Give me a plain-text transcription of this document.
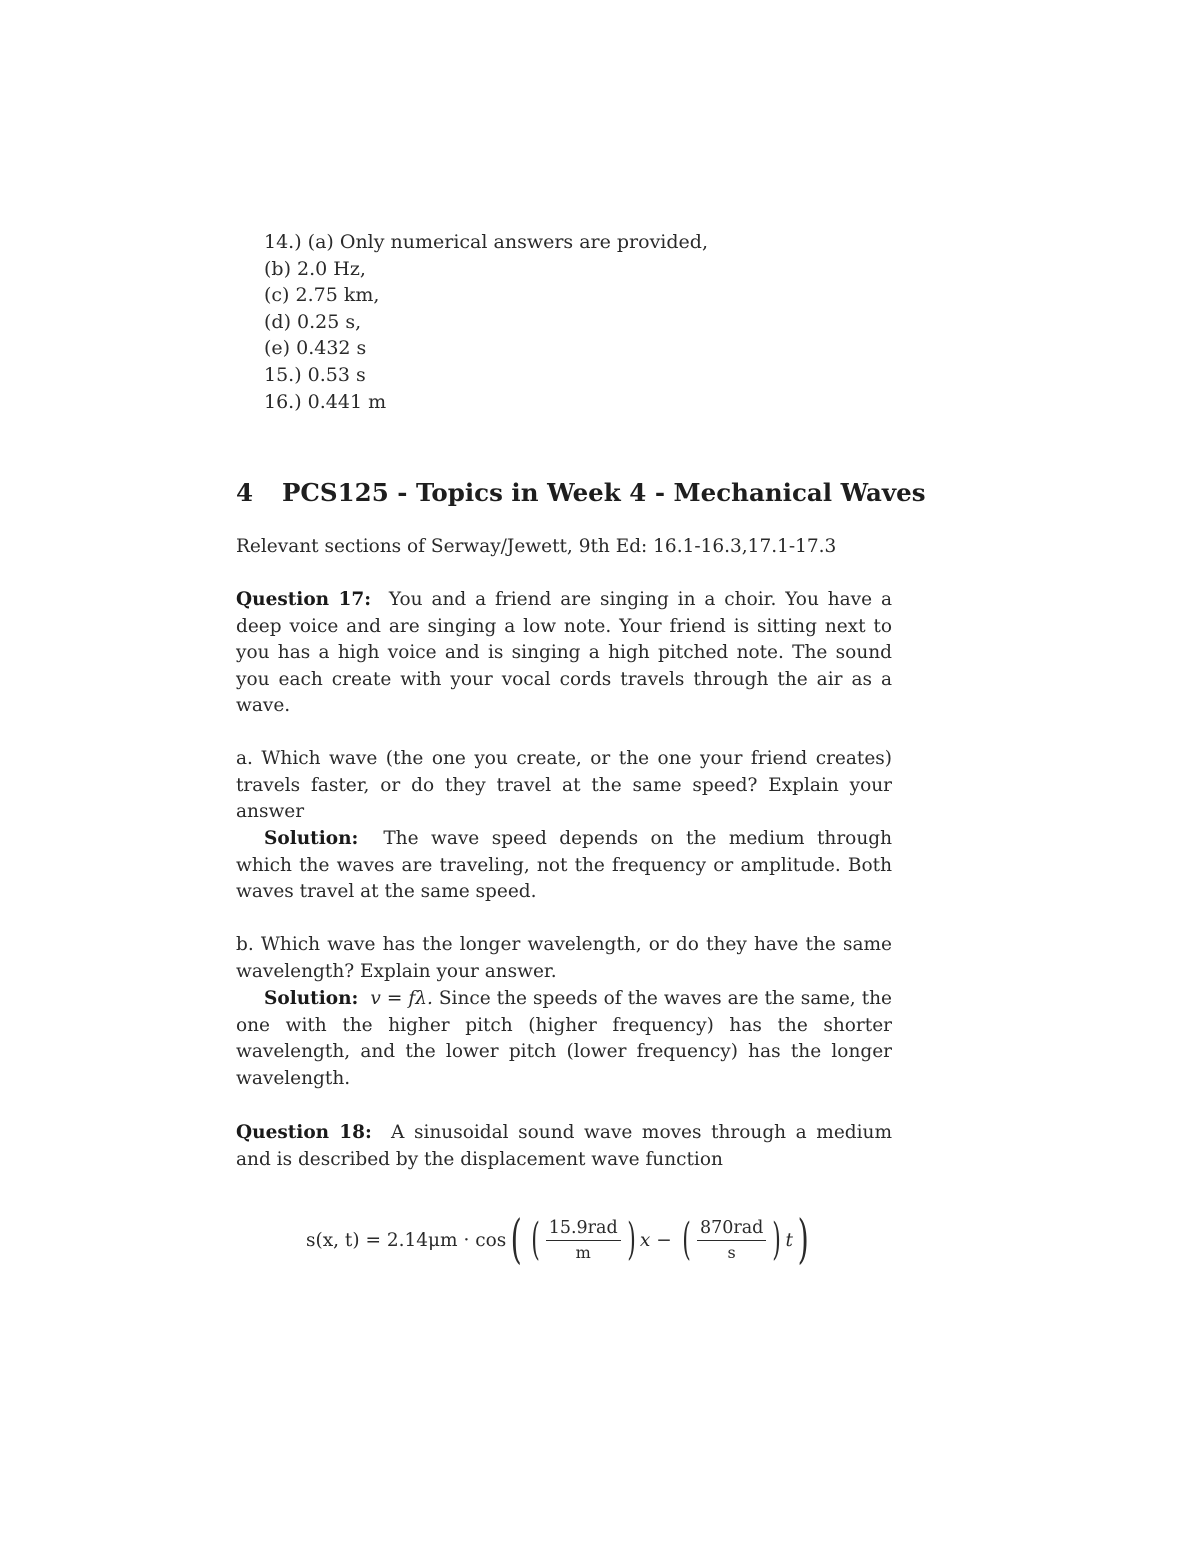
14.) (a) Only numerical answers are provided,
(b) 2.0 Hz,
(c) 2.75 km,
(d) 0.25 s,
(e) 0.432 s
15.) 0.53 s
16.) 0.441 m
4 PCS125 - Topics in Week 4 - Mechanical Waves
Relevant sections of Serway/Jewett, 9th Ed: 16.1-16.3,17.1-17.3
Question 17: You and a friend are singing in a choir. You have a deep voice and are singing a low note. Your friend is sitting next to you has a high voice and is singing a high pitched note. The sound you each create with your vocal cords travels through the air as a wave.
a. Which wave (the one you create, or the one your friend creates) travels faster, or do they travel at the same speed? Explain your answer
Solution: The wave speed depends on the medium through which the waves are traveling, not the frequency or amplitude. Both waves travel at the same speed.
b. Which wave has the longer wavelength, or do they have the same wavelength? Explain your answer.
Solution: v = fλ. Since the speeds of the waves are the same, the one with the higher pitch (higher frequency) has the shorter wavelength, and the lower pitch (lower frequency) has the longer wavelength.
Question 18: A sinusoidal sound wave moves through a medium and is described by the displacement wave function
s(x, t) = 2.14μm · cos ( ( $\frac{\text{15.9rad}}{m}$ ) x − ( $\frac{\text{870rad}}{s}$ ) t )
